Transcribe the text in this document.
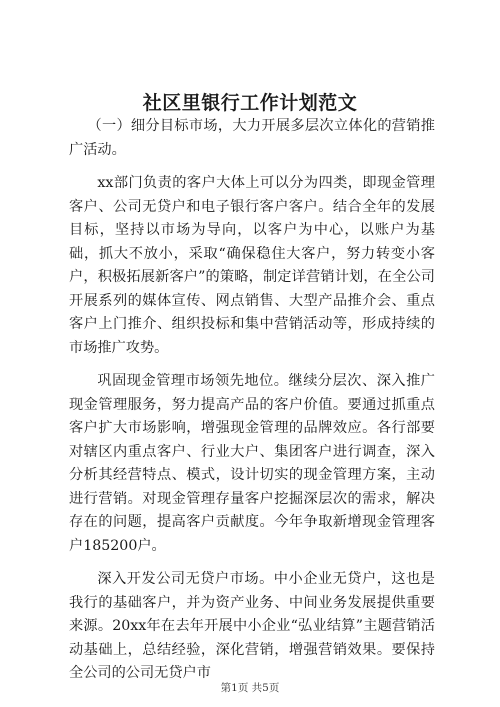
社区里银行工作计划范文

（一）细分目标市场，大力开展多层次立体化的营销推广活动。

xx部门负责的客户大体上可以分为四类，即现金管理客户、公司无贷户和电子银行客户客户。结合全年的发展目标，坚持以市场为导向，以客户为中心，以账户为基础，抓大不放小，采取“确保稳住大客户，努力转变小客户，积极拓展新客户”的策略，制定详营销计划，在全公司开展系列的媒体宣传、网点销售、大型产品推介会、重点客户上门推介、组织投标和集中营销活动等，形成持续的市场推广攻势。

巩固现金管理市场领先地位。继续分层次、深入推广现金管理服务，努力提高产品的客户价值。要通过抓重点客户扩大市场影响，增强现金管理的品牌效应。各行部要对辖区内重点客户、行业大户、集团客户进行调查，深入分析其经营特点、模式，设计切实的现金管理方案，主动进行营销。对现金管理存量客户挖掘深层次的需求，解决存在的问题，提高客户贡献度。今年争取新增现金管理客户185200户。

深入开发公司无贷户市场。中小企业无贷户，这也是我行的基础客户，并为资产业务、中间业务发展提供重要来源。20xx年在去年开展中小企业“弘业结算”主题营销活动基础上，总结经验，深化营销，增强营销效果。要保持全公司的公司无贷户市

第1页 共5页
